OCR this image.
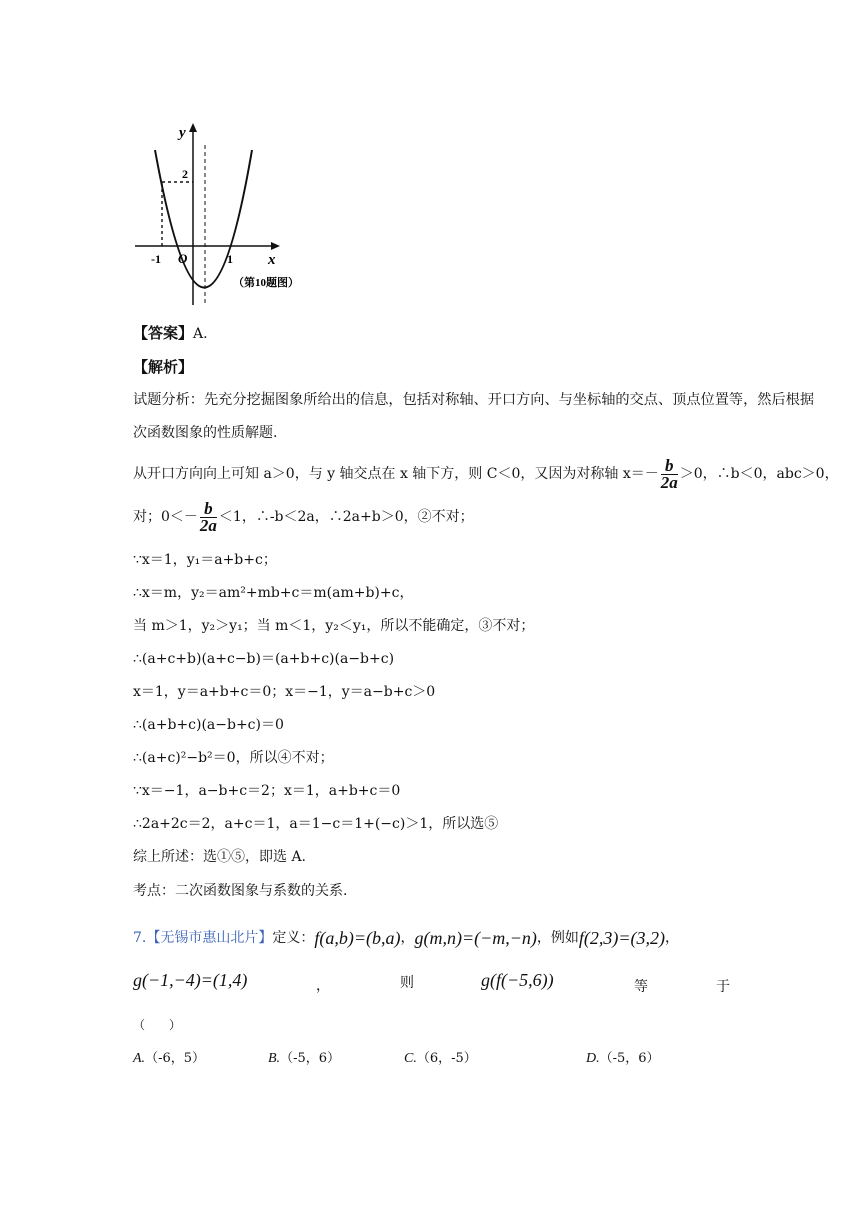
y
x
O
-1	1
2
（第10题图）
【答案】A.
【解析】
试题分析：先充分挖掘图象所给出的信息，包括对称轴、开口方向、与坐标轴的交点、顶点位置等，然后根据
次函数图象的性质解题.
从开口方向向上可知 a＞0，与 y 轴交点在 x 轴下方，则 C＜0，又因为对称轴 $x=- \frac{b}{2a} >0$，∴b＜0，abc＞0，
对；$0<- \frac{b}{2a} <1$，∴-b＜2a，∴2a+b＞0，②不对；
∵x＝1，y₁＝a+b+c；
∴x＝m，y₂＝am²+mb+c＝m(am+b)+c，
当 m＞1，y₂＞y₁；当 m＜1，y₂＜y₁，所以不能确定，③不对；
∴(a+c+b)(a+c−b)＝(a+b+c)(a−b+c)
x＝1，y＝a+b+c＝0；x＝−1，y＝a−b+c＞0
∴(a+b+c)(a−b+c)＝0
∴(a+c)²−b²＝0，所以④不对；
∵x＝−1，a−b+c＝2；x＝1，a+b+c＝0
∴2a+2c＝2，a+c＝1，a＝1−c＝1+(−c)＞1，所以选⑤
综上所述：选①⑤，即选 A.
考点：二次函数图象与系数的关系.
7.【无锡市惠山北片】 定义： f(a,b)=(b,a) ， g(m,n)=(−m,−n) ，例如 f(2,3)=(3,2) ，
g(−1,−4)=(1,4)	，	则	g(f(−5,6))	等	于
（　　）
A.（-6，5）	B.（-5，6）	C.（6，-5）	D.（-5，6）
